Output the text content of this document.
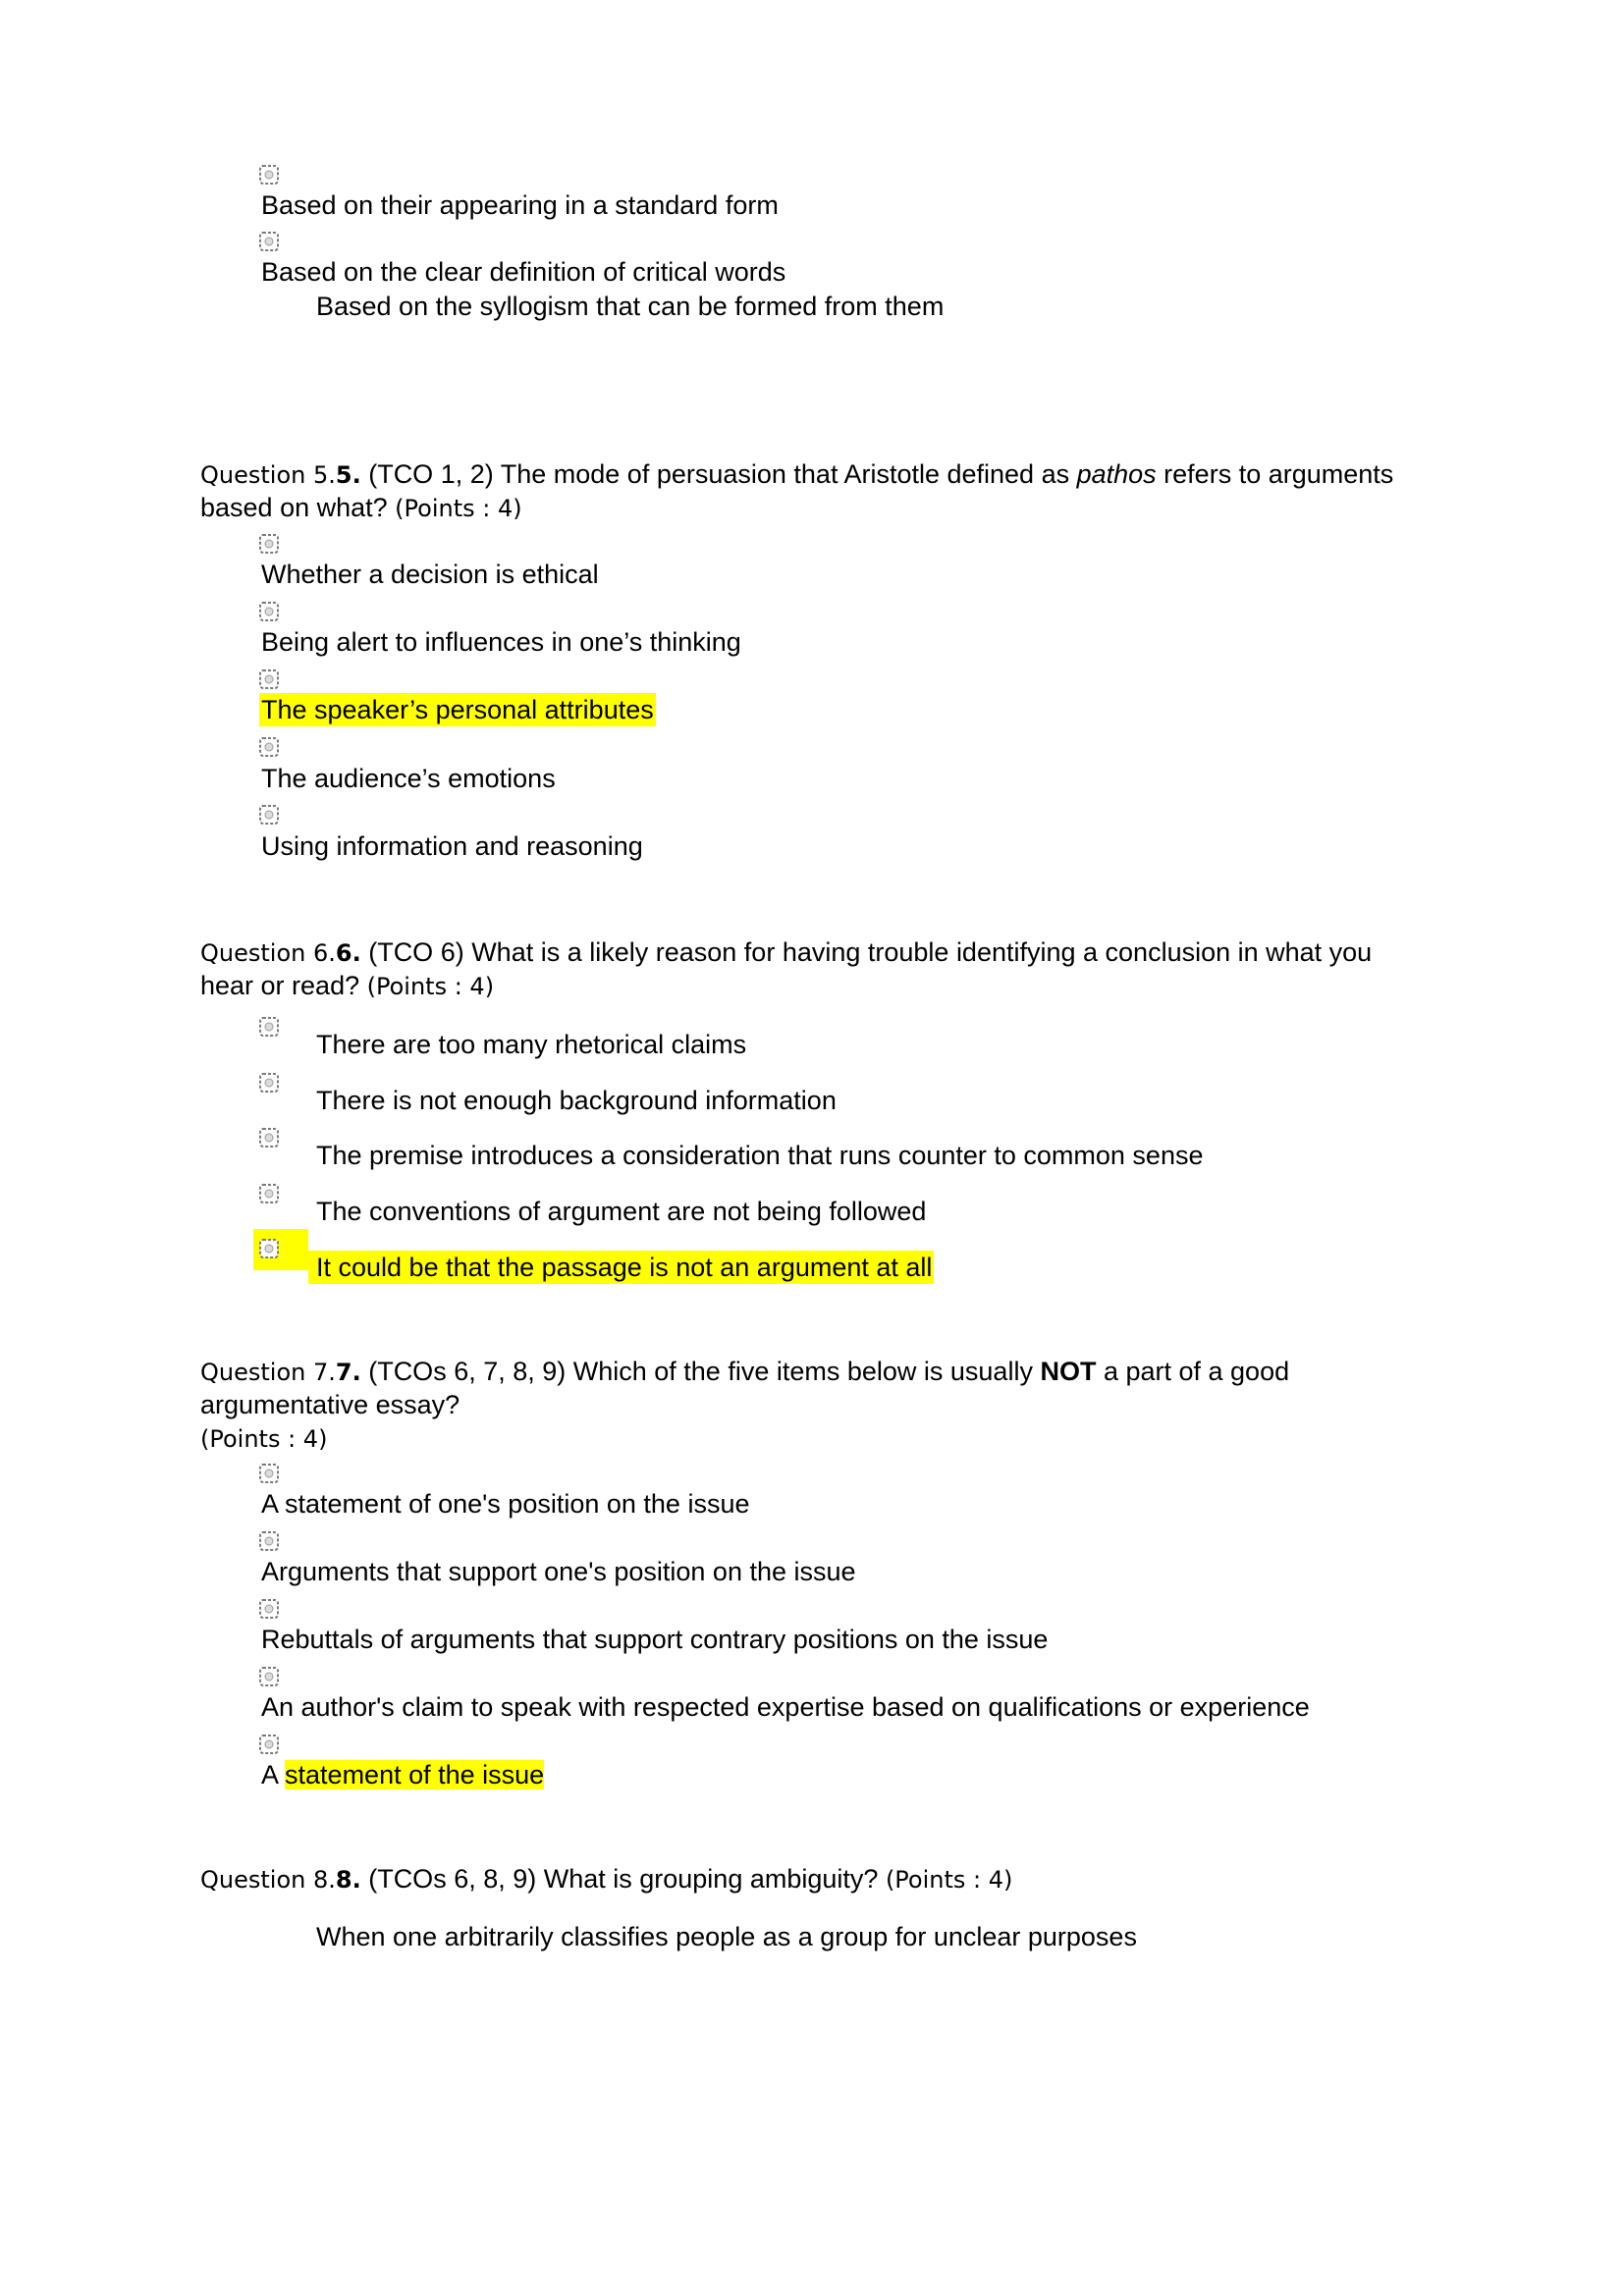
Based on their appearing in a standard form
Based on the clear definition of critical words
Based on the syllogism that can be formed from them
Question 5.5. (TCO 1, 2) The mode of persuasion that Aristotle defined as pathos refers to arguments
based on what? (Points : 4)
Whether a decision is ethical
Being alert to influences in one’s thinking
The speaker’s personal attributes
The audience’s emotions
Using information and reasoning
Question 6.6. (TCO 6) What is a likely reason for having trouble identifying a conclusion in what you
hear or read? (Points : 4)
There are too many rhetorical claims
There is not enough background information
The premise introduces a consideration that runs counter to common sense
The conventions of argument are not being followed
It could be that the passage is not an argument at all
Question 7.7. (TCOs 6, 7, 8, 9) Which of the five items below is usually NOT a part of a good
argumentative essay?
(Points : 4)
A statement of one's position on the issue
Arguments that support one's position on the issue
Rebuttals of arguments that support contrary positions on the issue
An author's claim to speak with respected expertise based on qualifications or experience
A statement of the issue
Question 8.8. (TCOs 6, 8, 9) What is grouping ambiguity? (Points : 4)
When one arbitrarily classifies people as a group for unclear purposes
